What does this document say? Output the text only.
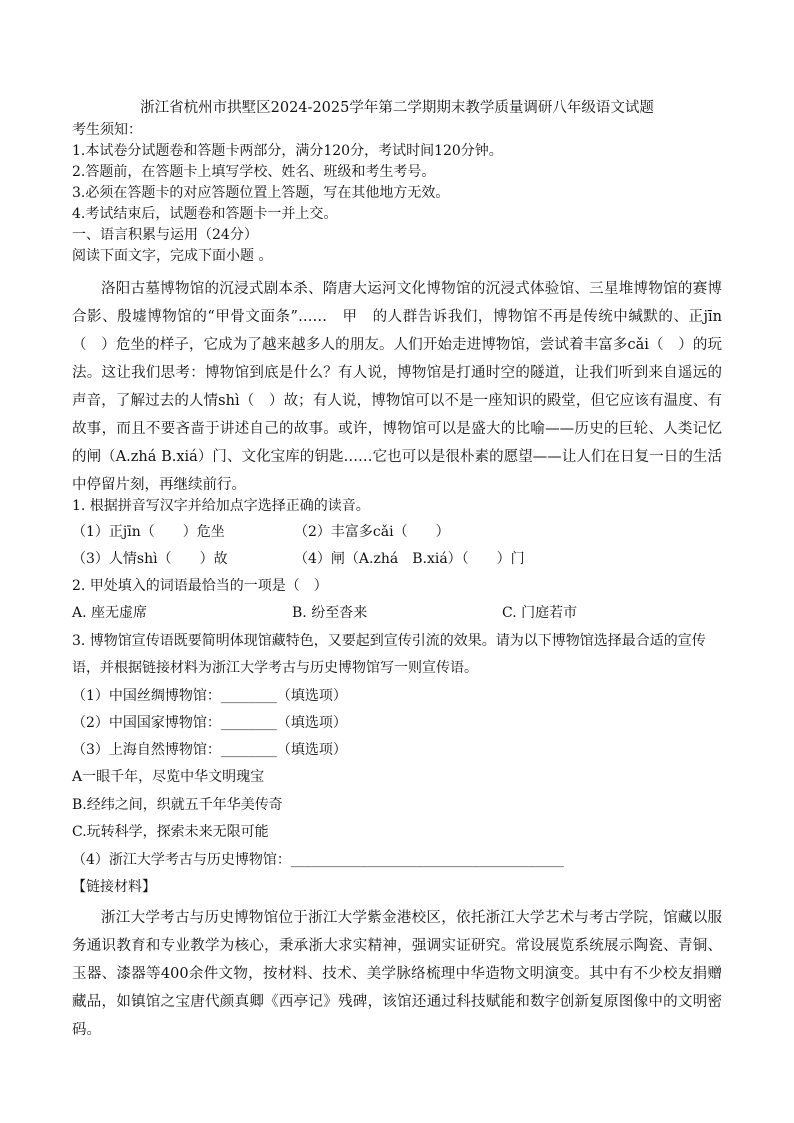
浙江省杭州市拱墅区2024-2025学年第二学期期末教学质量调研八年级语文试题
考生须知：
1.本试卷分试题卷和答题卡两部分，满分120分，考试时间120分钟。
2.答题前，在答题卡上填写学校、姓名、班级和考生考号。
3.必须在答题卡的对应答题位置上答题，写在其他地方无效。
4.考试结束后，试题卷和答题卡一并上交。
一、语言积累与运用（24分）
阅读下面文字，完成下面小题 。
洛阳古墓博物馆的沉浸式剧本杀、隋唐大运河文化博物馆的沉浸式体验馆、三星堆博物馆的赛博合影、殷墟博物馆的“甲骨文面条”……　甲　的人群告诉我们，博物馆不再是传统中缄默的、正jīn（　）危坐的样子，它成为了越来越多人的朋友。人们开始走进博物馆，尝试着丰富多cǎi（　）的玩法。这让我们思考：博物馆到底是什么？有人说，博物馆是打通时空的隧道，让我们听到来自遥远的声音，了解过去的人情shì（　）故；有人说，博物馆可以不是一座知识的殿堂，但它应该有温度、有故事，而且不要吝啬于讲述自己的故事。或许，博物馆可以是盛大的比喻——历史的巨轮、人类记忆的闸（A.zhá B.xiá）门、文化宝库的钥匙……它也可以是很朴素的愿望——让人们在日复一日的生活中停留片刻，再继续前行。
1. 根据拼音写汉字并给加点字选择正确的读音。
（1）正jīn（　　）危坐	（2）丰富多cǎi（　　）
（3）人情shì（　　）故	（4）闸（A.zhá　B.xiá）（　　）门
2. 甲处填入的词语最恰当的一项是（　）
A. 座无虚席	B. 纷至沓来	C. 门庭若市
3. 博物馆宣传语既要简明体现馆藏特色，又要起到宣传引流的效果。请为以下博物馆选择最合适的宣传
语，并根据链接材料为浙江大学考古与历史博物馆写一则宣传语。
（1）中国丝绸博物馆：________（填选项）
（2）中国国家博物馆：________（填选项）
（3）上海自然博物馆：________（填选项）
A一眼千年，尽览中华文明瑰宝
B.经纬之间，织就五千年华美传奇
C.玩转科学，探索未来无限可能
（4）浙江大学考古与历史博物馆：_______________________________________
【链接材料】
浙江大学考古与历史博物馆位于浙江大学紫金港校区，依托浙江大学艺术与考古学院，馆藏以服务通识教育和专业教学为核心，秉承浙大求实精神，强调实证研究。常设展览系统展示陶瓷、青铜、玉器、漆器等400余件文物，按材料、技术、美学脉络梳理中华造物文明演变。其中有不少校友捐赠藏品，如镇馆之宝唐代颜真卿《西亭记》残碑，该馆还通过科技赋能和数字创新复原图像中的文明密码。
